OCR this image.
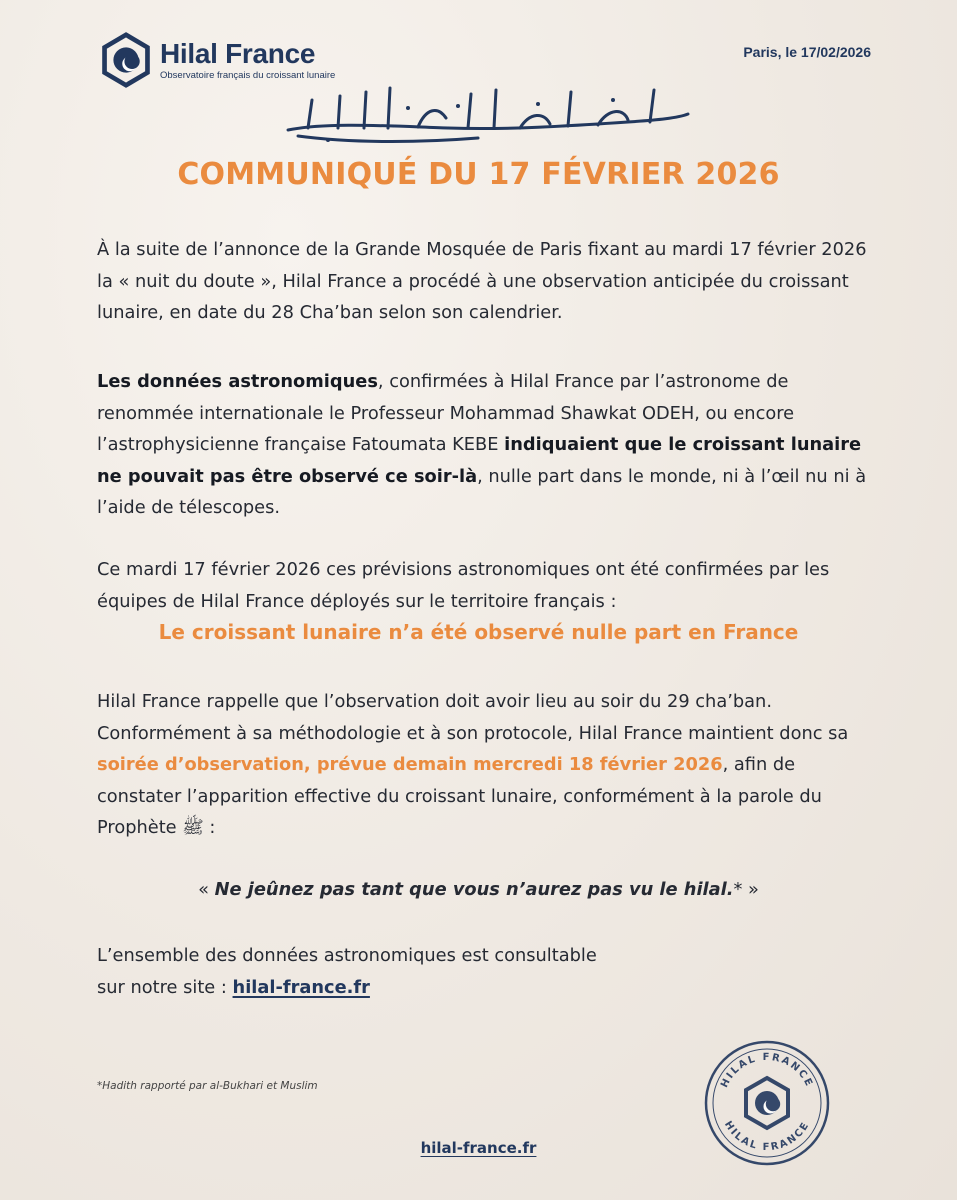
Hilal France
Observatoire français du croissant lunaire
Paris, le 17/02/2026
COMMUNIQUÉ DU 17 FÉVRIER 2026

À la suite de l’annonce de la Grande Mosquée de Paris fixant au mardi 17 février 2026 la « nuit du doute », Hilal France a procédé à une observation anticipée du croissant lunaire, en date du 28 Cha’ban selon son calendrier.

Les données astronomiques, confirmées à Hilal France par l’astronome de renommée internationale le Professeur Mohammad Shawkat ODEH, ou encore l’astrophysicienne française Fatoumata KEBE indiquaient que le croissant lunaire ne pouvait pas être observé ce soir-là, nulle part dans le monde, ni à l’œil nu ni à l’aide de télescopes.

Ce mardi 17 février 2026 ces prévisions astronomiques ont été confirmées par les équipes de Hilal France déployés sur le territoire français :

Le croissant lunaire n’a été observé nulle part en France

Hilal France rappelle que l’observation doit avoir lieu au soir du 29 cha’ban. Conformément à sa méthodologie et à son protocole, Hilal France maintient donc sa soirée d’observation, prévue demain mercredi 18 février 2026, afin de constater l’apparition effective du croissant lunaire, conformément à la parole du Prophète ﷺ :

« Ne jeûnez pas tant que vous n’aurez pas vu le hilal.* »

L’ensemble des données astronomiques est consultable
sur notre site : hilal-france.fr

*Hadith rapporté par al-Bukhari et Muslim
hilal-france.fr
HILAL FRANCE
HILAL FRANCE
